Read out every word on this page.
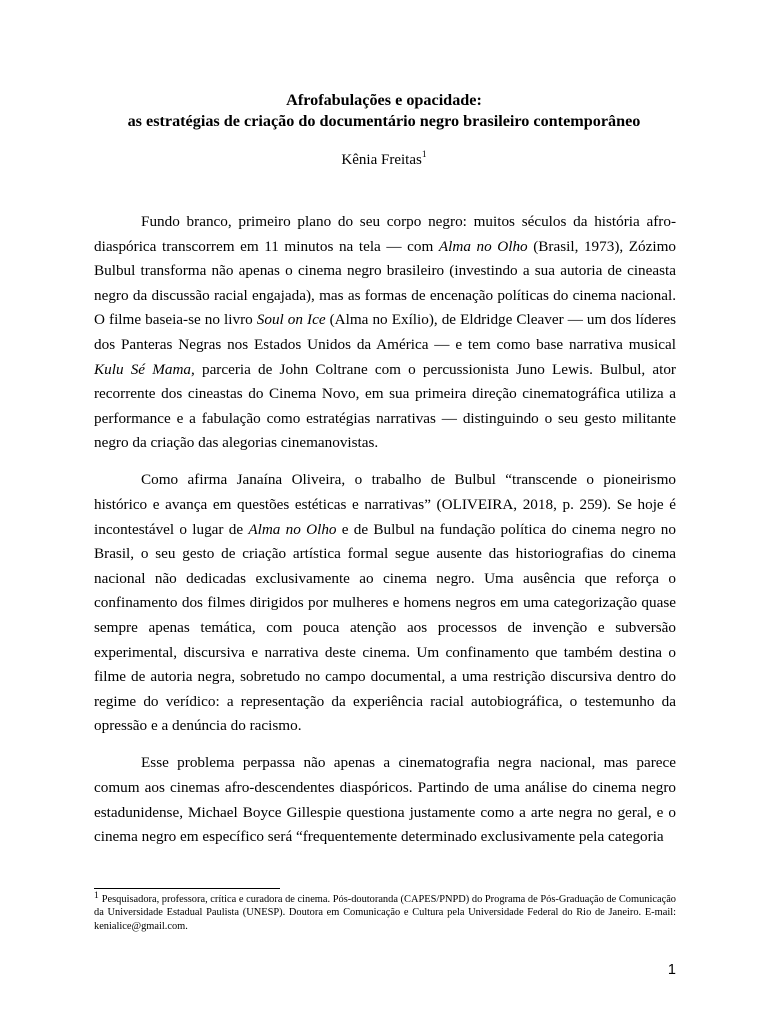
Afrofabulações e opacidade:
as estratégias de criação do documentário negro brasileiro contemporâneo
Kênia Freitas$^1$

Fundo branco, primeiro plano do seu corpo negro: muitos séculos da história afro-diaspórica transcorrem em 11 minutos na tela — com Alma no Olho (Brasil, 1973), Zózimo Bulbul transforma não apenas o cinema negro brasileiro (investindo a sua autoria de cineasta negro da discussão racial engajada), mas as formas de encenação políticas do cinema nacional. O filme baseia-se no livro Soul on Ice (Alma no Exílio), de Eldridge Cleaver — um dos líderes dos Panteras Negras nos Estados Unidos da América — e tem como base narrativa musical Kulu Sé Mama, parceria de John Coltrane com o percussionista Juno Lewis. Bulbul, ator recorrente dos cineastas do Cinema Novo, em sua primeira direção cinematográfica utiliza a performance e a fabulação como estratégias narrativas — distinguindo o seu gesto militante negro da criação das alegorias cinemanovistas.

Como afirma Janaína Oliveira, o trabalho de Bulbul “transcende o pioneirismo histórico e avança em questões estéticas e narrativas” (OLIVEIRA, 2018, p. 259). Se hoje é incontestável o lugar de Alma no Olho e de Bulbul na fundação política do cinema negro no Brasil, o seu gesto de criação artística formal segue ausente das historiografias do cinema nacional não dedicadas exclusivamente ao cinema negro. Uma ausência que reforça o confinamento dos filmes dirigidos por mulheres e homens negros em uma categorização quase sempre apenas temática, com pouca atenção aos processos de invenção e subversão experimental, discursiva e narrativa deste cinema. Um confinamento que também destina o filme de autoria negra, sobretudo no campo documental, a uma restrição discursiva dentro do regime do verídico: a representação da experiência racial autobiográfica, o testemunho da opressão e a denúncia do racismo.

Esse problema perpassa não apenas a cinematografia negra nacional, mas parece comum aos cinemas afro-descendentes diaspóricos. Partindo de uma análise do cinema negro estadunidense, Michael Boyce Gillespie questiona justamente como a arte negra no geral, e o cinema negro em específico será “frequentemente determinado exclusivamente pela categoria

$^1$ Pesquisadora, professora, crítica e curadora de cinema. Pós-doutoranda (CAPES/PNPD) do Programa de Pós-Graduação de Comunicação da Universidade Estadual Paulista (UNESP). Doutora em Comunicação e Cultura pela Universidade Federal do Rio de Janeiro. E-mail: kenialice@gmail.com.
1
